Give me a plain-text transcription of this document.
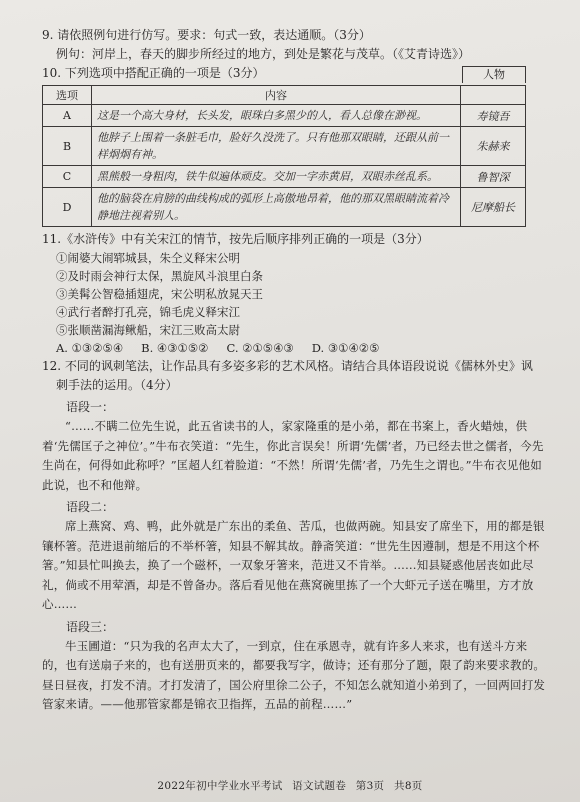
9. 请依照例句进行仿写。要求：句式一致，表达通顺。（3分）
例句：河岸上，春天的脚步所经过的地方，到处是繁花与茂草。（《艾青诗选》）
10. 下列选项中搭配正确的一项是（3分）	人物
选项	内容	
A	这是一个高大身材，长头发，眼珠白多黑少的人，看人总像在渺视。	寿镜吾
B	他脖子上围着一条脏毛巾，脸好久没洗了。只有他那双眼睛，还跟从前一样炯炯有神。	朱赫来
C	黑熊般一身粗肉，铁牛似遍体顽皮。交加一字赤黄眉，双眼赤丝乱系。	鲁智深
D	他的脑袋在肩膀的曲线构成的弧形上高傲地昂着，他的那双黑眼睛流着冷静地注视着别人。	尼摩船长
11.《水浒传》中有关宋江的情节，按先后顺序排列正确的一项是（3分）
①闹婆大闹郓城县，朱仝义释宋公明
②及时雨会神行太保，黑旋风斗浪里白条
③美髯公智稳插翅虎，宋公明私放晁天王
④武行者醉打孔亮，锦毛虎义释宋江
⑤张顺凿漏海鳅船，宋江三败高太尉
A. ①③②⑤④ B. ④③①⑤② C. ②①⑤④③ D. ③①④②⑤
12. 不同的讽刺笔法，让作品具有多姿多彩的艺术风格。请结合具体语段说说《儒林外史》讽
刺手法的运用。（4分）
语段一：
“……不瞒二位先生说，此五省读书的人，家家隆重的是小弟，都在书案上，香火蜡烛，供着‘先儒匡子之神位’。”牛布衣笑道：“先生，你此言误矣！所谓‘先儒’者，乃已经去世之儒者，今先生尚在，何得如此称呼？”匡超人红着脸道：“不然！所谓‘先儒’者，乃先生之谓也。”牛布衣见他如此说，也不和他辩。
语段二：
席上燕窝、鸡、鸭，此外就是广东出的柔鱼、苦瓜，也做两碗。知县安了席坐下，用的都是银镶杯箸。范进退前缩后的不举杯箸，知县不解其故。静斋笑道：“世先生因遵制，想是不用这个杯箸。”知县忙叫换去，换了一个磁杯，一双象牙箸来，范进又不肯举。……知县疑惑他居丧如此尽礼，倘或不用荤酒，却是不曾备办。落后看见他在燕窝碗里拣了一个大虾元子送在嘴里，方才放心……
语段三：
牛玉圃道：“只为我的名声太大了，一到京，住在承恩寺，就有许多人来求，也有送斗方来的，也有送扇子来的，也有送册页来的，都要我写字，做诗；还有那分了题，限了韵来要求教的。昼日昼夜，打发不清。才打发清了，国公府里徐二公子，不知怎么就知道小弟到了，一回两回打发管家来请。——他那管家都是锦衣卫指挥，五品的前程……”
2022年初中学业水平考试 语文试题卷 第3页 共8页
